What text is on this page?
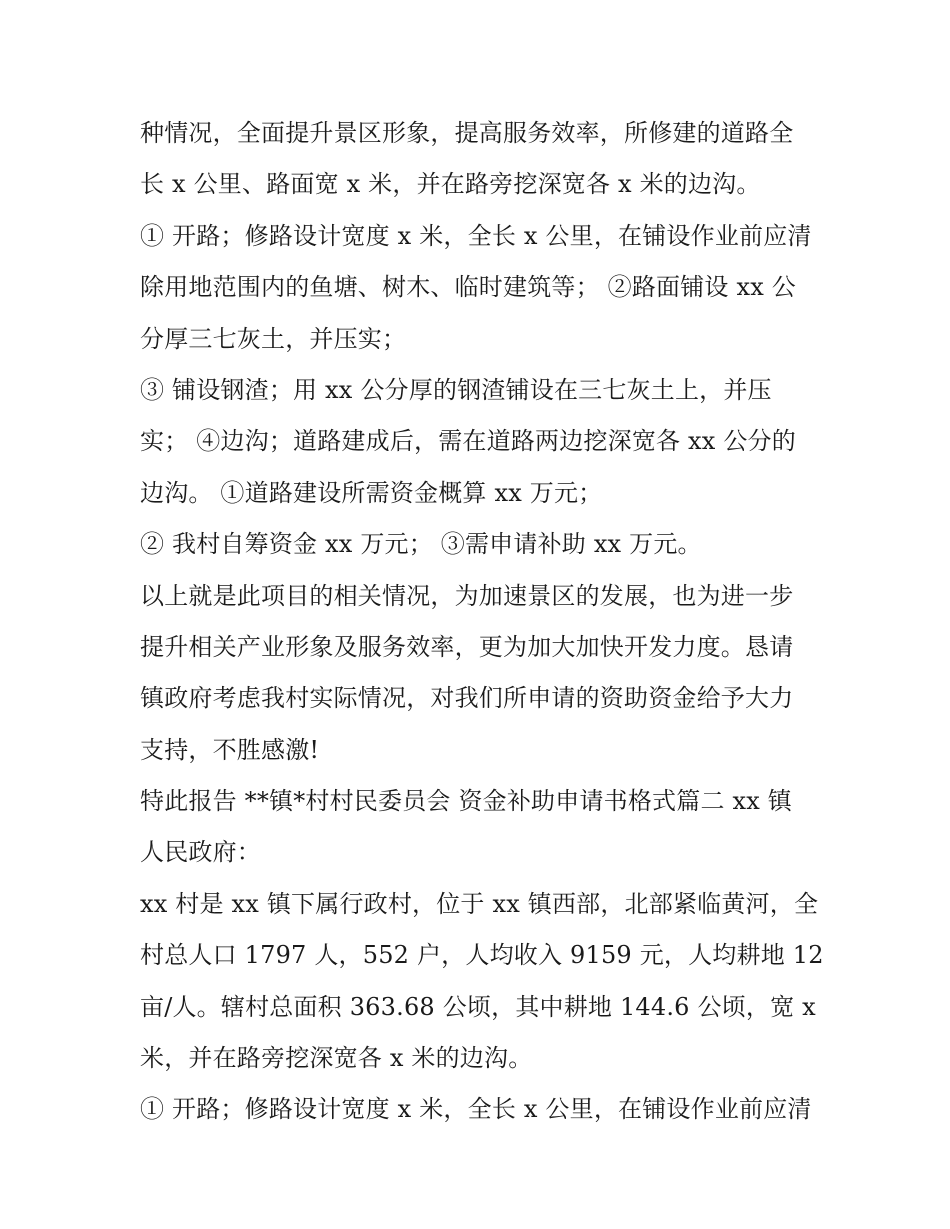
种情况，全面提升景区形象，提高服务效率，所修建的道路全
长 x 公里、路面宽 x 米，并在路旁挖深宽各 x 米的边沟。
① 开路；修路设计宽度 x 米，全长 x 公里，在铺设作业前应清
除用地范围内的鱼塘、树木、临时建筑等； ②路面铺设 xx 公
分厚三七灰土，并压实；
③ 铺设钢渣；用 xx 公分厚的钢渣铺设在三七灰土上，并压
实； ④边沟；道路建成后，需在道路两边挖深宽各 xx 公分的
边沟。 ①道路建设所需资金概算 xx 万元；
② 我村自筹资金 xx 万元； ③需申请补助 xx 万元。
以上就是此项目的相关情况，为加速景区的发展，也为进一步
提升相关产业形象及服务效率，更为加大加快开发力度。恳请
镇政府考虑我村实际情况，对我们所申请的资助资金给予大力
支持，不胜感激!
特此报告 **镇*村村民委员会 资金补助申请书格式篇二 xx 镇
人民政府：
xx 村是 xx 镇下属行政村，位于 xx 镇西部，北部紧临黄河，全
村总人口 1797 人，552 户，人均收入 9159 元，人均耕地 12
亩/人。辖村总面积 363.68 公顷，其中耕地 144.6 公顷，宽 x
米，并在路旁挖深宽各 x 米的边沟。
① 开路；修路设计宽度 x 米，全长 x 公里，在铺设作业前应清
